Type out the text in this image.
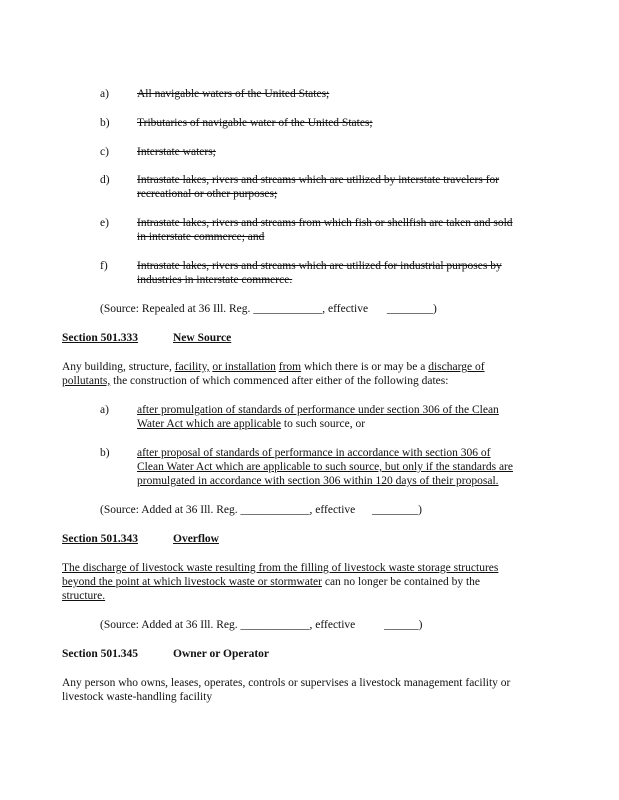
a) All navigable waters of the United States;
b) Tributaries of navigable water of the United States;
c) Interstate waters;
d) Intrastate lakes, rivers and streams which are utilized by interstate travelers for
recreational or other purposes;
e) Intrastate lakes, rivers and streams from which fish or shellfish are taken and sold
in interstate commerce; and
f)	Intrastate lakes, rivers and streams which are utilized for industrial purposes by
industries in interstate commerce.
(Source: Repealed at 36 Ill. Reg. ____________, effective ________)
Section 501.333	New Source
Any building, structure, facility, or installation from which there is or may be a discharge of
pollutants, the construction of which commenced after either of the following dates:
a) after promulgation of standards of performance under section 306 of the Clean
Water Act which are applicable to such source, or
b) after proposal of standards of performance in accordance with section 306 of
Clean Water Act which are applicable to such source, but only if the standards are
promulgated in accordance with section 306 within 120 days of their proposal.
(Source: Added at 36 Ill. Reg. ____________, effective ________)
Section 501.343	Overflow
The discharge of livestock waste resulting from the filling of livestock waste storage structures
beyond the point at which livestock waste or stormwater can no longer be contained by the
structure.
(Source: Added at 36 Ill. Reg. ____________, effective	______)
Section 501.345	Owner or Operator
Any person who owns, leases, operates, controls or supervises a livestock management facility or
livestock waste-handling facility
